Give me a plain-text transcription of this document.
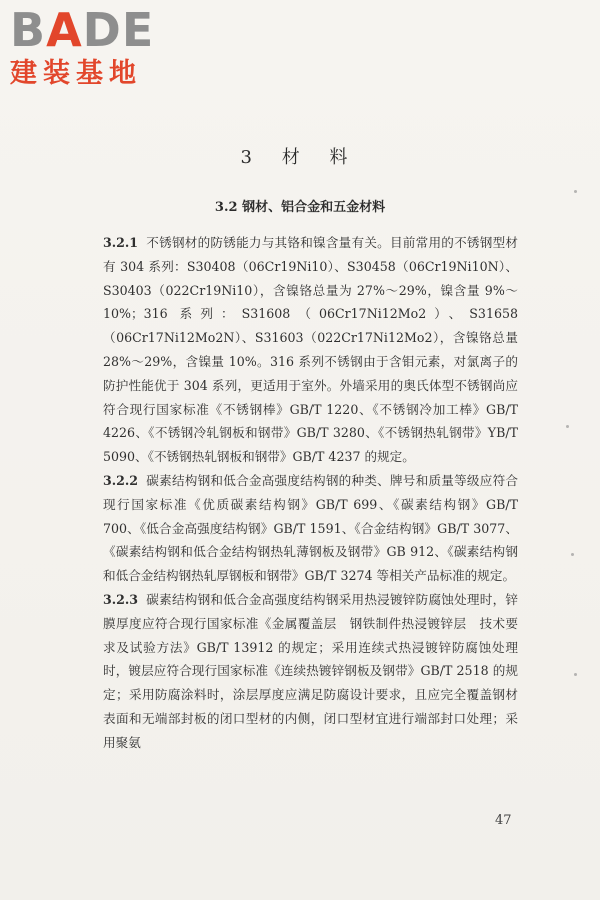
BADE
建装基地
3 材 料
3.2 钢材、铝合金和五金材料

3.2.1 不锈钢材的防锈能力与其铬和镍含量有关。目前常用的不锈钢型材有 304 系列：S30408（06Cr19Ni10）、S30458（06Cr19Ni10N）、S30403（022Cr19Ni10），含镍铬总量为 27%～29%，镍含量 9%～10%；316 系列：S31608（06Cr17Ni12Mo2）、S31658（06Cr17Ni12Mo2N）、S31603（022Cr17Ni12Mo2），含镍铬总量 28%～29%，含镍量 10%。316 系列不锈钢由于含钼元素，对氯离子的防护性能优于 304 系列，更适用于室外。外墙采用的奥氏体型不锈钢尚应符合现行国家标准《不锈钢棒》GB/T 1220、《不锈钢冷加工棒》GB/T 4226、《不锈钢冷轧钢板和钢带》GB/T 3280、《不锈钢热轧钢带》YB/T 5090、《不锈钢热轧钢板和钢带》GB/T 4237 的规定。

3.2.2 碳素结构钢和低合金高强度结构钢的种类、牌号和质量等级应符合现行国家标准《优质碳素结构钢》GB/T 699、《碳素结构钢》GB/T 700、《低合金高强度结构钢》GB/T 1591、《合金结构钢》GB/T 3077、《碳素结构钢和低合金结构钢热轧薄钢板及钢带》GB 912、《碳素结构钢和低合金结构钢热轧厚钢板和钢带》GB/T 3274 等相关产品标准的规定。

3.2.3 碳素结构钢和低合金高强度结构钢采用热浸镀锌防腐蚀处理时，锌膜厚度应符合现行国家标准《金属覆盖层　钢铁制件热浸镀锌层　技术要求及试验方法》GB/T 13912 的规定；采用连续式热浸镀锌防腐蚀处理时，镀层应符合现行国家标准《连续热镀锌钢板及钢带》GB/T 2518 的规定；采用防腐涂料时，涂层厚度应满足防腐设计要求，且应完全覆盖钢材表面和无端部封板的闭口型材的内侧，闭口型材宜进行端部封口处理；采用聚氨

47
